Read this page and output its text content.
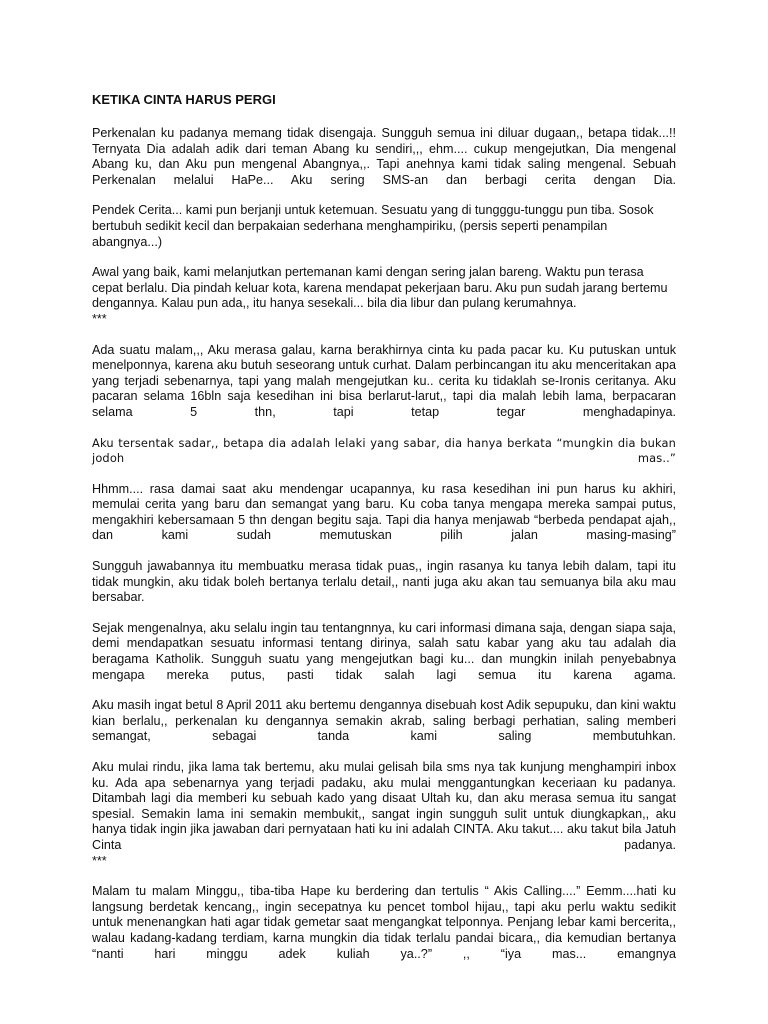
KETIKA CINTA HARUS PERGI
Perkenalan ku padanya memang tidak disengaja. Sungguh semua ini diluar dugaan,, betapa tidak...!! Ternyata Dia adalah adik dari teman Abang ku sendiri,,, ehm.... cukup mengejutkan, Dia mengenal Abang ku, dan Aku pun mengenal Abangnya,,. Tapi anehnya kami tidak saling mengenal. Sebuah Perkenalan melalui HaPe... Aku sering SMS-an dan berbagi cerita dengan Dia.
Pendek Cerita... kami pun berjanji untuk ketemuan. Sesuatu yang di tungggu-tunggu pun tiba. Sosok bertubuh sedikit kecil dan berpakaian sederhana menghampiriku, (persis seperti penampilan abangnya...)
Awal yang baik, kami melanjutkan pertemanan kami dengan sering jalan bareng. Waktu pun terasa cepat berlalu. Dia pindah keluar kota, karena mendapat pekerjaan baru. Aku pun sudah jarang bertemu dengannya. Kalau pun ada,, itu hanya sesekali... bila dia libur dan pulang kerumahnya.
***
Ada suatu malam,,, Aku merasa galau, karna berakhirnya cinta ku pada pacar ku. Ku putuskan untuk menelponnya, karena aku butuh seseorang untuk curhat. Dalam perbincangan itu aku menceritakan apa yang terjadi sebenarnya, tapi yang malah mengejutkan ku.. cerita ku tidaklah se-Ironis ceritanya. Aku pacaran selama 16bln saja kesedihan ini bisa berlarut-larut,, tapi dia malah lebih lama, berpacaran selama 5 thn, tapi tetap tegar menghadapinya.
Aku tersentak sadar,, betapa dia adalah lelaki yang sabar, dia hanya berkata “mungkin dia bukan jodoh mas..”
Hhmm.... rasa damai saat aku mendengar ucapannya, ku rasa kesedihan ini pun harus ku akhiri, memulai cerita yang baru dan semangat yang baru. Ku coba tanya mengapa mereka sampai putus, mengakhiri kebersamaan 5 thn dengan begitu saja. Tapi dia hanya menjawab “berbeda pendapat ajah,, dan kami sudah memutuskan pilih jalan masing-masing”
Sungguh jawabannya itu membuatku merasa tidak puas,, ingin rasanya ku tanya lebih dalam, tapi itu tidak mungkin, aku tidak boleh bertanya terlalu detail,, nanti juga aku akan tau semuanya bila aku mau bersabar.
Sejak mengenalnya, aku selalu ingin tau tentangnnya, ku cari informasi dimana saja, dengan siapa saja, demi mendapatkan sesuatu informasi tentang dirinya, salah satu kabar yang aku tau adalah dia beragama Katholik. Sungguh suatu yang mengejutkan bagi ku... dan mungkin inilah penyebabnya mengapa mereka putus, pasti tidak salah lagi semua itu karena agama.
Aku masih ingat betul 8 April 2011 aku bertemu dengannya disebuah kost Adik sepupuku, dan kini waktu kian berlalu,, perkenalan ku dengannya semakin akrab, saling berbagi perhatian, saling memberi semangat, sebagai tanda kami saling membutuhkan.
Aku mulai rindu, jika lama tak bertemu, aku mulai gelisah bila sms nya tak kunjung menghampiri inbox ku. Ada apa sebenarnya yang terjadi padaku, aku mulai menggantungkan keceriaan ku padanya. Ditambah lagi dia memberi ku sebuah kado yang disaat Ultah ku, dan aku merasa semua itu sangat spesial. Semakin lama ini semakin membukit,, sangat ingin sungguh sulit untuk diungkapkan,, aku hanya tidak ingin jika jawaban dari pernyataan hati ku ini adalah CINTA. Aku takut.... aku takut bila Jatuh Cinta padanya.
***
Malam tu malam Minggu,, tiba-tiba Hape ku berdering dan tertulis “ Akis Calling....” Eemm....hati ku langsung berdetak kencang,, ingin secepatnya ku pencet tombol hijau,, tapi aku perlu waktu sedikit untuk menenangkan hati agar tidak gemetar saat mengangkat telponnya. Penjang lebar kami bercerita,, walau kadang-kadang terdiam, karna mungkin dia tidak terlalu pandai bicara,, dia kemudian bertanya “nanti hari minggu adek kuliah ya..?” ,, “iya mas... emangnya
